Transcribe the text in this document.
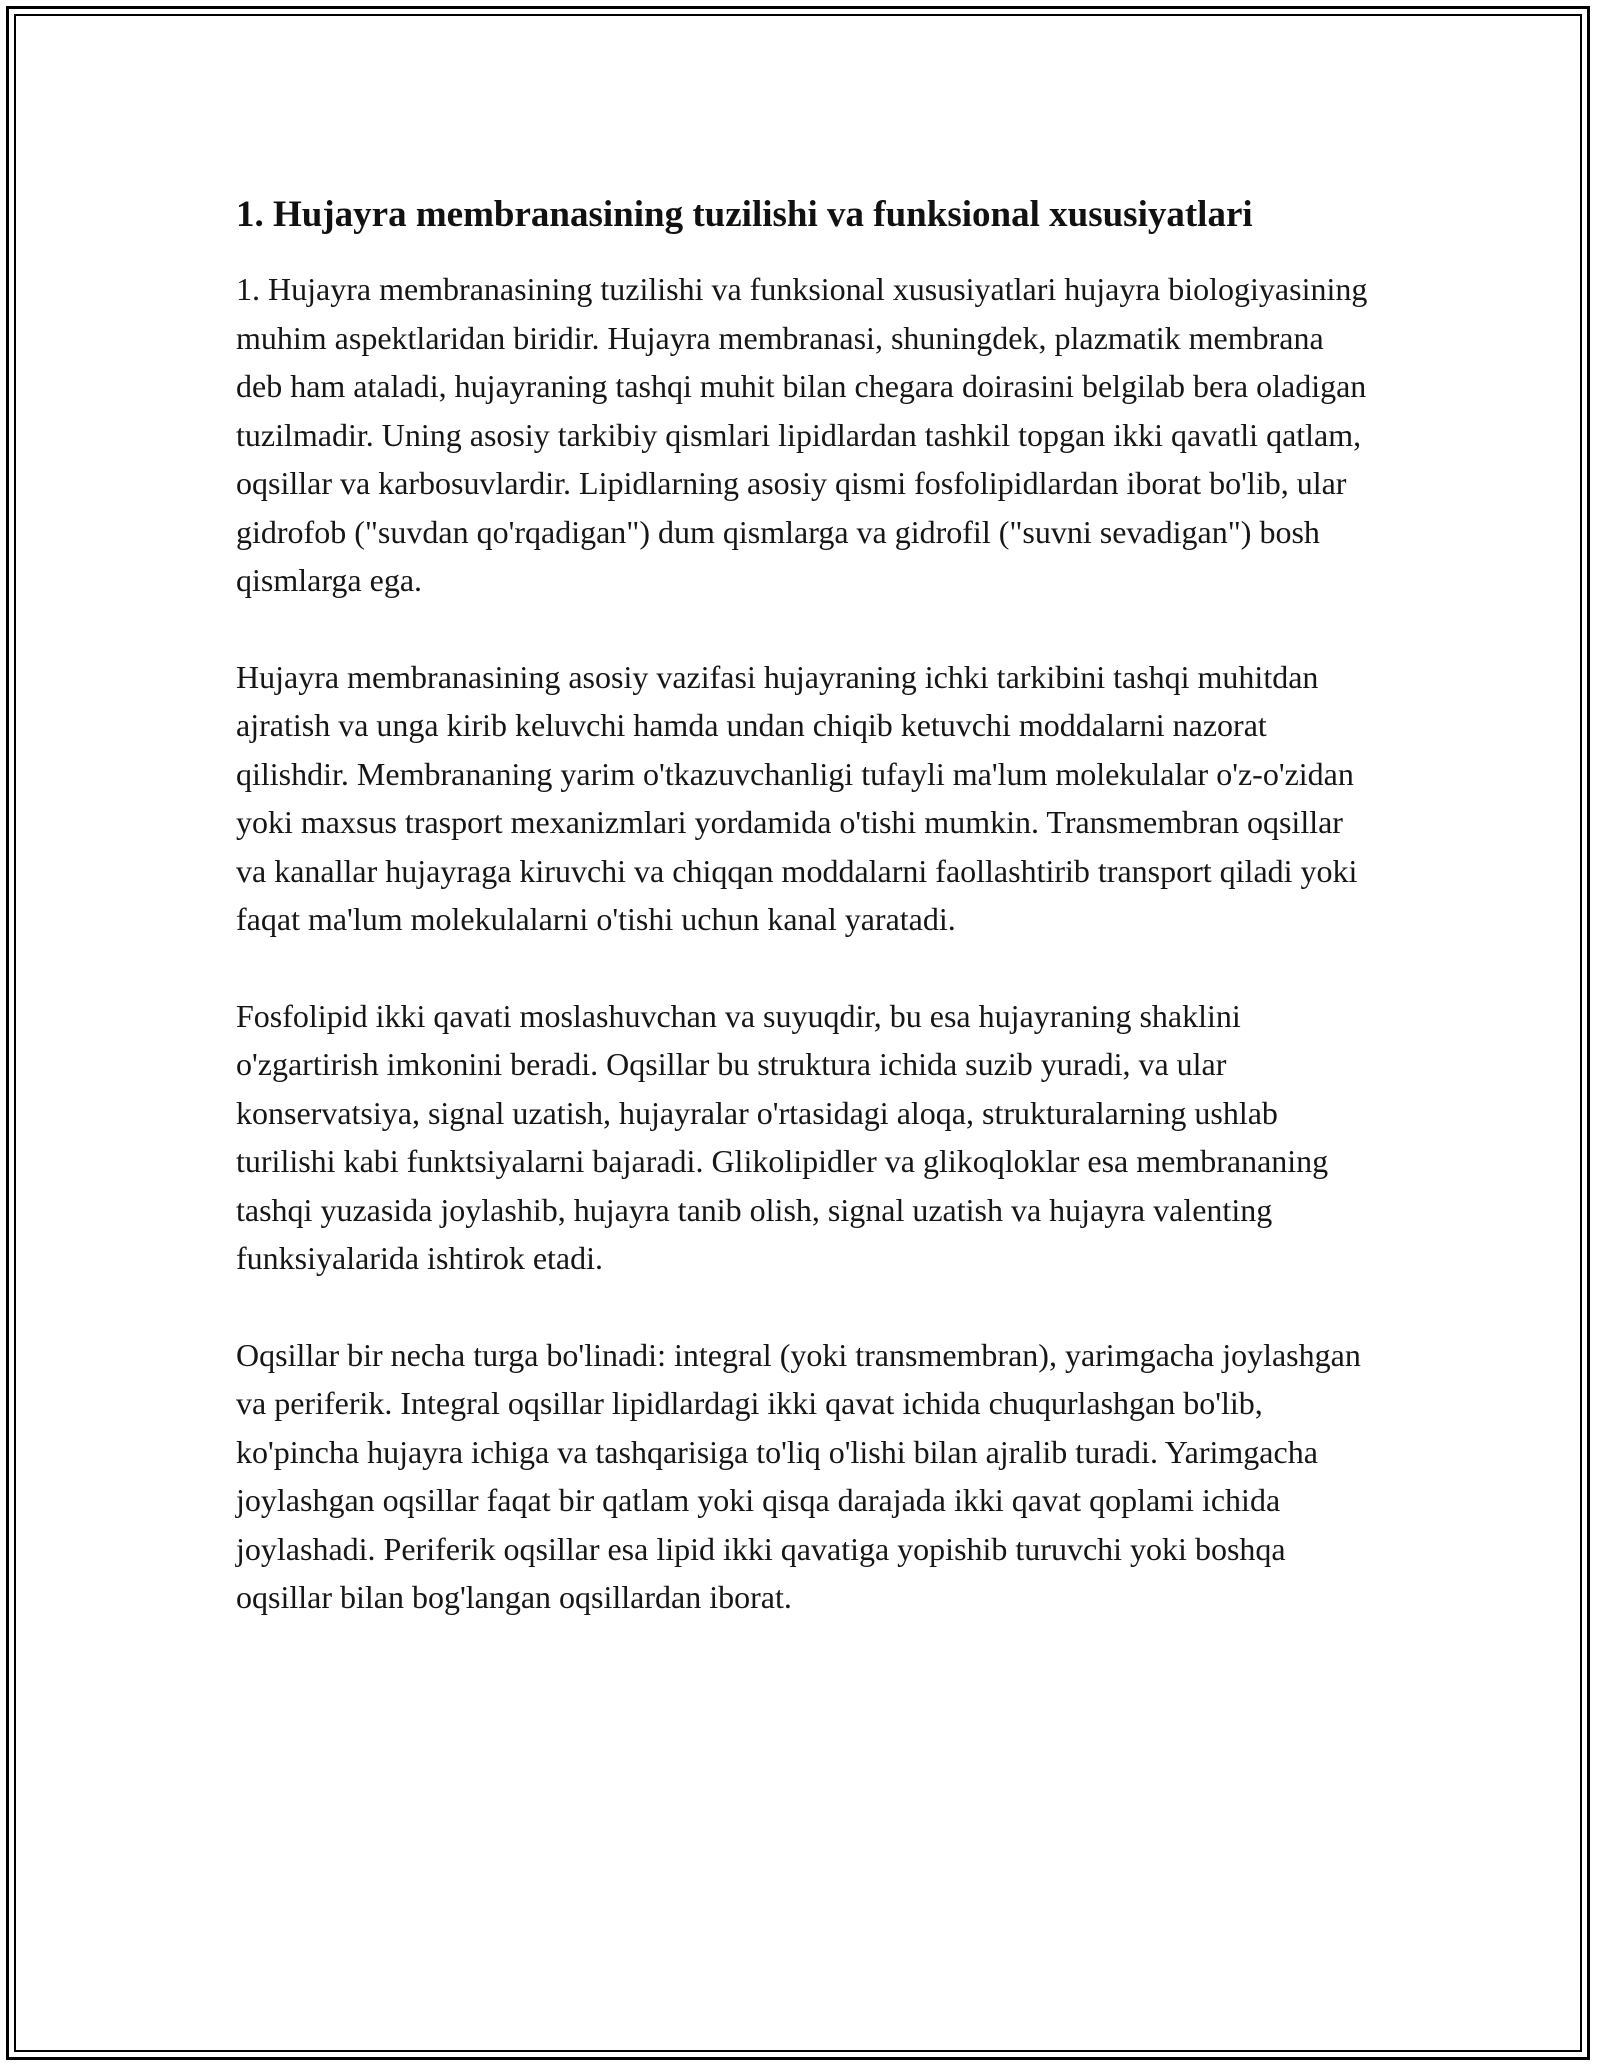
1. Hujayra membranasining tuzilishi va funksional xususiyatlari

1. Hujayra membranasining tuzilishi va funksional xususiyatlari hujayra biologiyasining muhim aspektlaridan biridir. Hujayra membranasi, shuningdek, plazmatik membrana deb ham ataladi, hujayraning tashqi muhit bilan chegara doirasini belgilab bera oladigan tuzilmadir. Uning asosiy tarkibiy qismlari lipidlardan tashkil topgan ikki qavatli qatlam, oqsillar va karbosuvlardir. Lipidlarning asosiy qismi fosfolipidlardan iborat bo'lib, ular gidrofob ("suvdan qo'rqadigan") dum qismlarga va gidrofil ("suvni sevadigan") bosh qismlarga ega.

Hujayra membranasining asosiy vazifasi hujayraning ichki tarkibini tashqi muhitdan ajratish va unga kirib keluvchi hamda undan chiqib ketuvchi moddalarni nazorat qilishdir. Membrananing yarim o'tkazuvchanligi tufayli ma'lum molekulalar o'z-o'zidan yoki maxsus trasport mexanizmlari yordamida o'tishi mumkin. Transmembran oqsillar va kanallar hujayraga kiruvchi va chiqqan moddalarni faollashtirib transport qiladi yoki faqat ma'lum molekulalarni o'tishi uchun kanal yaratadi.

Fosfolipid ikki qavati moslashuvchan va suyuqdir, bu esa hujayraning shaklini o'zgartirish imkonini beradi. Oqsillar bu struktura ichida suzib yuradi, va ular konservatsiya, signal uzatish, hujayralar o'rtasidagi aloqa, strukturalarning ushlab turilishi kabi funktsiyalarni bajaradi. Glikolipidler va glikoqloklar esa membrananing tashqi yuzasida joylashib, hujayra tanib olish, signal uzatish va hujayra valenting funksiyalarida ishtirok etadi.

Oqsillar bir necha turga bo'linadi: integral (yoki transmembran), yarimgacha joylashgan va periferik. Integral oqsillar lipidlardagi ikki qavat ichida chuqurlashgan bo'lib, ko'pincha hujayra ichiga va tashqarisiga to'liq o'lishi bilan ajralib turadi. Yarimgacha joylashgan oqsillar faqat bir qatlam yoki qisqa darajada ikki qavat qoplami ichida joylashadi. Periferik oqsillar esa lipid ikki qavatiga yopishib turuvchi yoki boshqa oqsillar bilan bog'langan oqsillardan iborat.
